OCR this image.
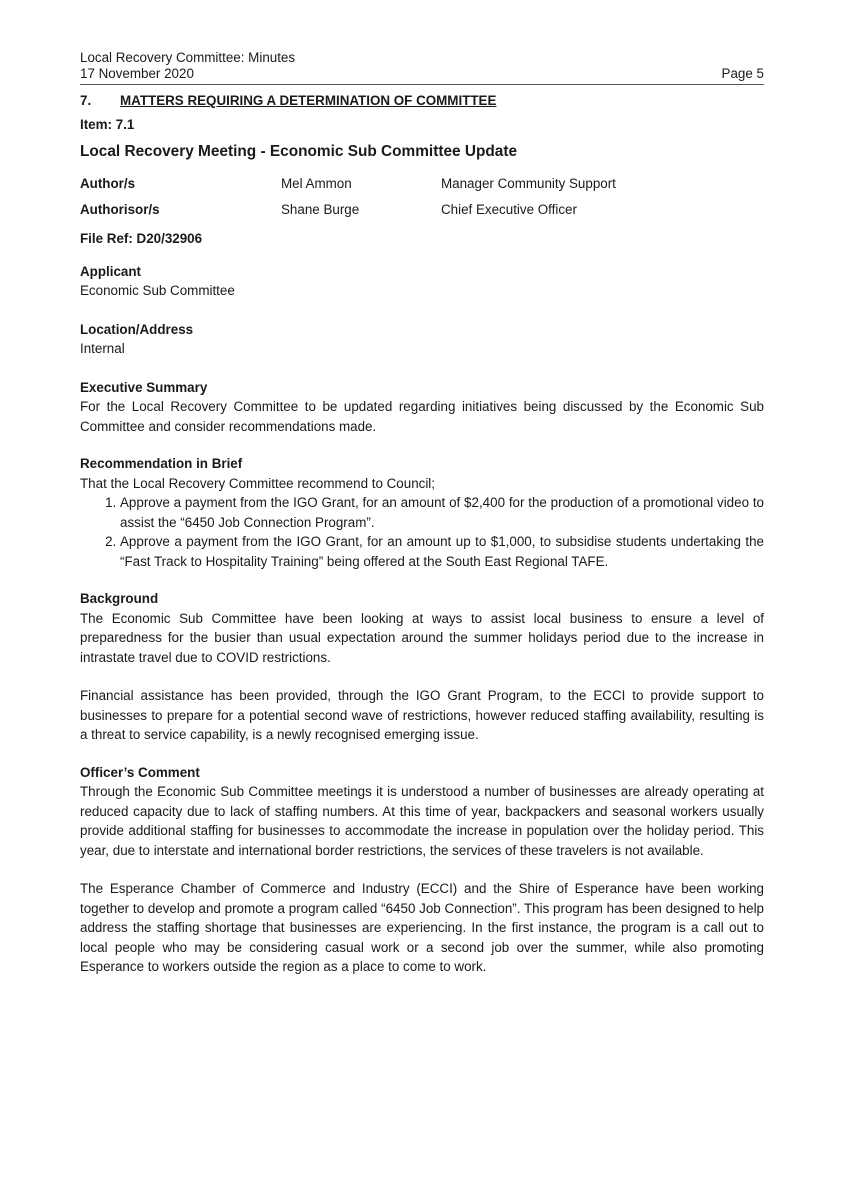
Local Recovery Committee: Minutes
17 November 2020	Page 5
7. MATTERS REQUIRING A DETERMINATION OF COMMITTEE
Item: 7.1
Local Recovery Meeting - Economic Sub Committee Update
Author/s	Mel Ammon	Manager Community Support
Authorisor/s	Shane Burge	Chief Executive Officer
File Ref: D20/32906
Applicant

Economic Sub Committee

Location/Address

Internal

Executive Summary

For the Local Recovery Committee to be updated regarding initiatives being discussed by the Economic Sub Committee and consider recommendations made.

Recommendation in Brief

That the Local Recovery Committee recommend to Council;

1. Approve a payment from the IGO Grant, for an amount of $2,400 for the production of a promotional video to assist the “6450 Job Connection Program”.
2. Approve a payment from the IGO Grant, for an amount up to $1,000, to subsidise students undertaking the “Fast Track to Hospitality Training” being offered at the South East Regional TAFE.
Background

The Economic Sub Committee have been looking at ways to assist local business to ensure a level of preparedness for the busier than usual expectation around the summer holidays period due to the increase in intrastate travel due to COVID restrictions.

Financial assistance has been provided, through the IGO Grant Program, to the ECCI to provide support to businesses to prepare for a potential second wave of restrictions, however reduced staffing availability, resulting is a threat to service capability, is a newly recognised emerging issue.

Officer’s Comment

Through the Economic Sub Committee meetings it is understood a number of businesses are already operating at reduced capacity due to lack of staffing numbers. At this time of year, backpackers and seasonal workers usually provide additional staffing for businesses to accommodate the increase in population over the holiday period. This year, due to interstate and international border restrictions, the services of these travelers is not available.

The Esperance Chamber of Commerce and Industry (ECCI) and the Shire of Esperance have been working together to develop and promote a program called “6450 Job Connection”. This program has been designed to help address the staffing shortage that businesses are experiencing. In the first instance, the program is a call out to local people who may be considering casual work or a second job over the summer, while also promoting Esperance to workers outside the region as a place to come to work.
